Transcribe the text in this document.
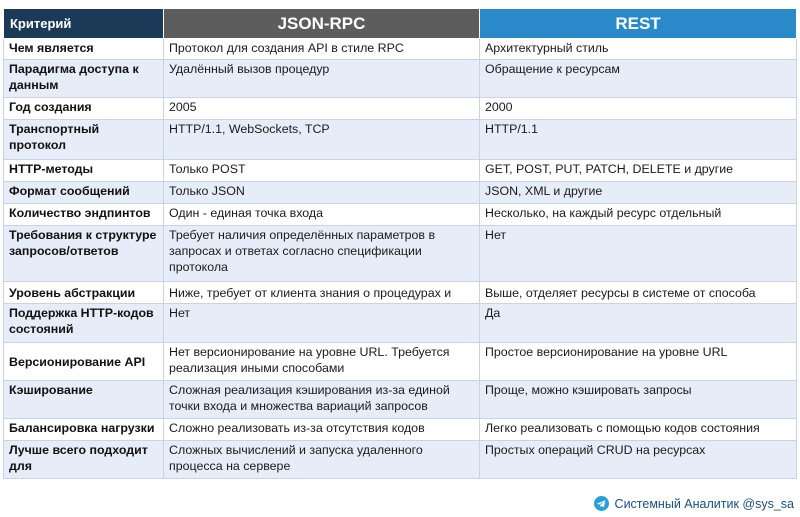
Критерий	JSON-RPC	REST
Чем является	Протокол для создания API в стиле RPC	Архитектурный стиль
Парадигма доступа к данным	Удалённый вызов процедур	Обращение к ресурсам
Год создания	2005	2000
Транспортный протокол	HTTP/1.1, WebSockets, TCP	HTTP/1.1
HTTP-методы	Только POST	GET, POST, PUT, PATCH, DELETE и другие
Формат сообщений	Только JSON	JSON, XML и другие
Количество эндпинтов	Один - единая точка входа	Несколько, на каждый ресурс отдельный
Требования к структуре запросов/ответов	Требует наличия определённых параметров в запросах и ответах согласно спецификации протокола	Нет
Уровень абстракции	Ниже, требует от клиента знания о процедурах и	Выше, отделяет ресурсы в системе от способа
Поддержка HTTP-кодов состояний	Нет	Да
Версионирование API	Нет версионирование на уровне URL. Требуется реализация иными способами	Простое версионирование на уровне URL
Кэширование	Сложная реализация кэширования из-за единой точки входа и множества вариаций запросов	Проще, можно кэшировать запросы
Балансировка нагрузки	Сложно реализовать из-за отсутствия кодов	Легко реализовать с помощью кодов состояния
Лучше всего подходит для	Сложных вычислений и запуска удаленного процесса на сервере	Простых операций CRUD на ресурсах
Системный Аналитик @sys_sa
